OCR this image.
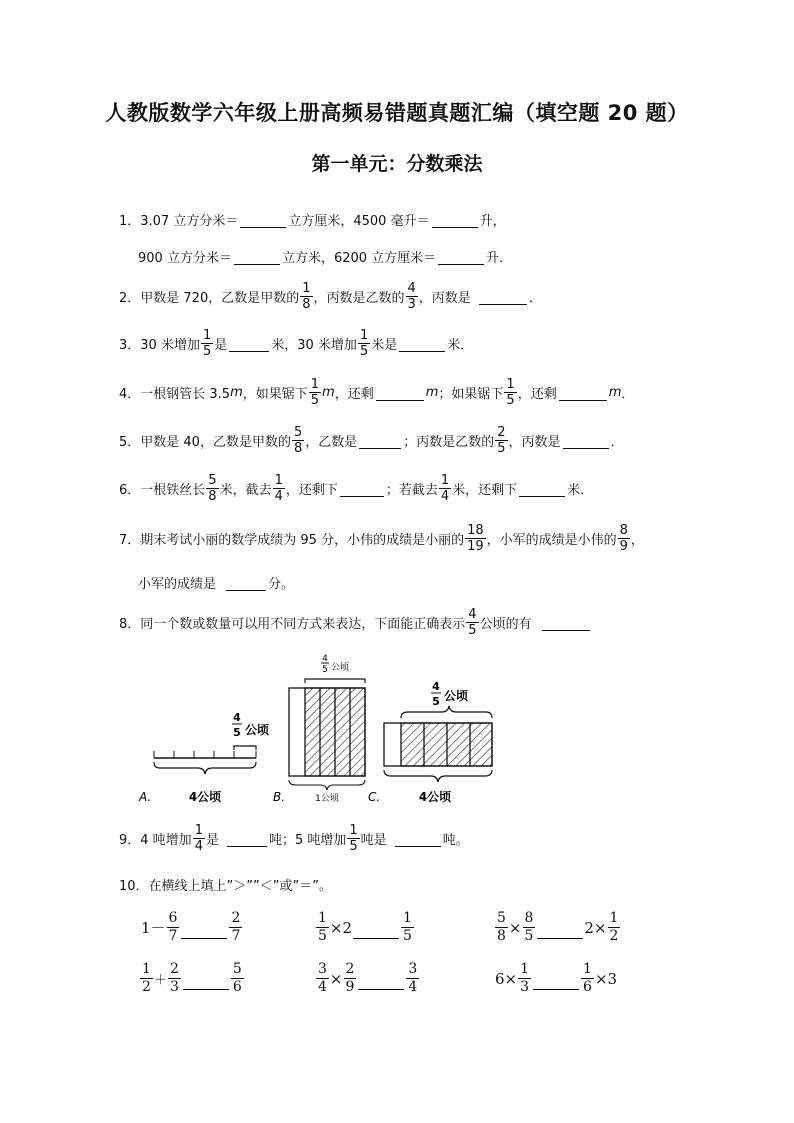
人教版数学六年级上册高频易错题真题汇编（填空题 20 题）
第一单元：分数乘法
1．3.07 立方分米＝	立方厘米，4500 毫升＝	升，
900 立方分米＝	立方米，6200 立方厘米＝	升．
2．甲数是 720，乙数是甲数的
1
8 ，丙数是乙数的
4
3 ，丙数是	．
3．30 米增加
1
5 是	米，30 米增加
1
5 米是	米．
4．一根钢管长 3.5 m ，如果锯下
1
5
m ，还剩	m ；如果锯下
1
5 ，还剩	m ．
5．甲数是 40，乙数是甲数的
5
8 ，乙数是	；丙数是乙数的
2
5 ，丙数是	．
6．一根铁丝长
5
8 米，截去
1
4 ，还剩下	；若截去
1
4 米，还剩下	米．
7．期末考试小丽的数学成绩为 95 分，小伟的成绩是小丽的
18
19 ，小军的成绩是小伟的
8
9 ，
小军的成绩是	分。
8．同一个数或数量可以用不同方式来表达，下面能正确表示
4
5 公顷的有
4
5 公顷
A.	4公顷
4
5 公顷
B.	1公顷
4
5 公顷
C.	4公顷
9．4 吨增加
1
4 是	吨；5 吨增加
1
5 吨是	吨。
10．在横线上填上”＞””＜”或”＝”。
1－
6
7
2
7	$\frac{1}{5} \times 2$
1
5	$\frac{5}{8} \times \frac{8}{5}$	$2\times \frac{1}{2}$
1
2 ＋
2
3
5
6	$\frac{3}{4} \times \frac{2}{9}$	3
4	$6\times \frac{1}{3}$	$\frac{1}{6} \times 3$
